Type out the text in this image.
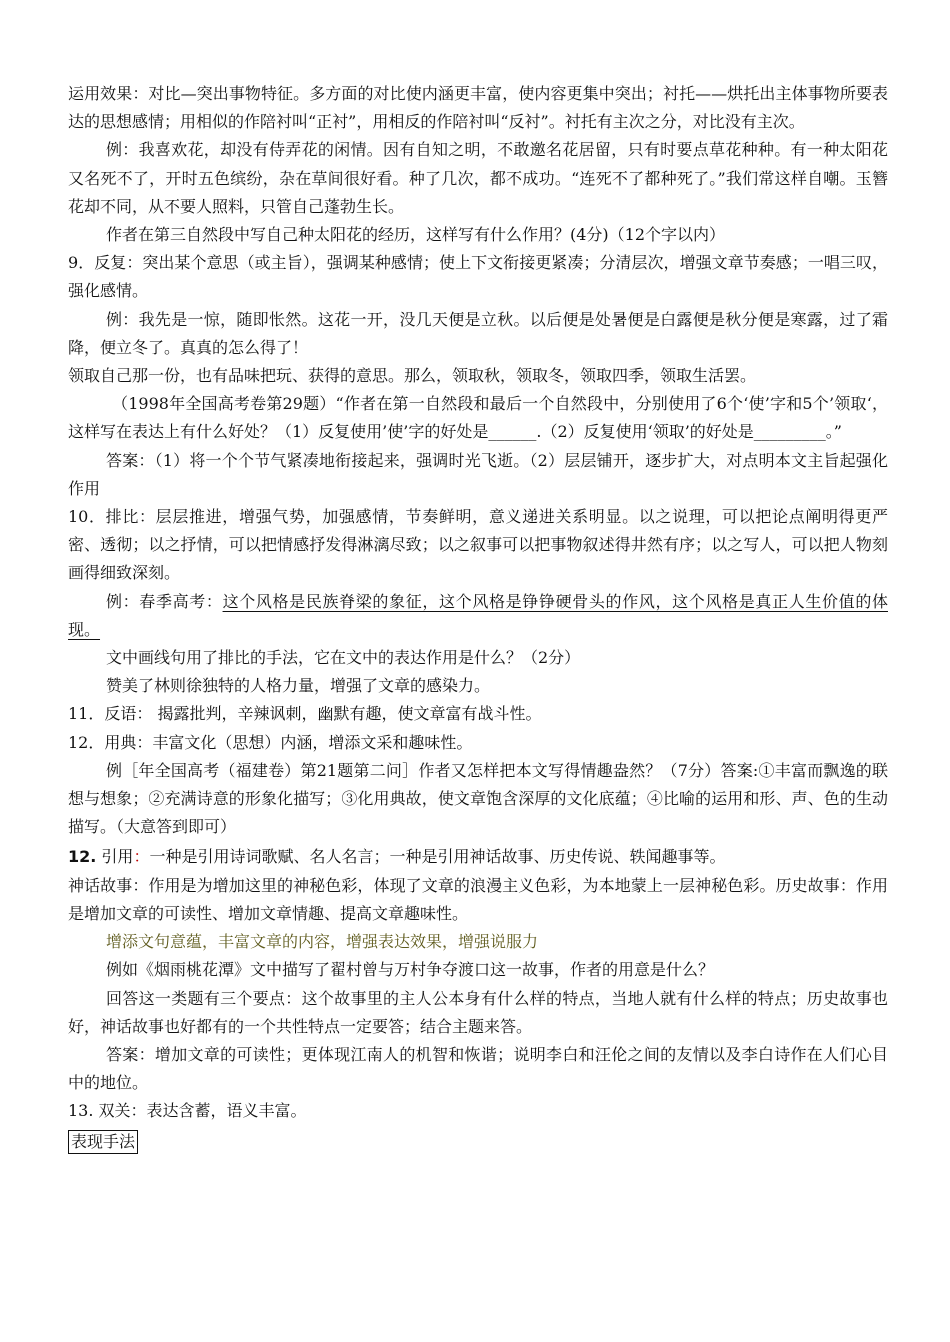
运用效果：对比—突出事物特征。多方面的对比使内涵更丰富，使内容更集中突出；衬托——烘托出主体事物所要表达的思想感情；用相似的作陪衬叫“正衬”，用相反的作陪衬叫“反衬”。衬托有主次之分，对比没有主次。

例：我喜欢花，却没有侍弄花的闲情。因有自知之明，不敢邀名花居留，只有时要点草花种种。有一种太阳花又名死不了，开时五色缤纷，杂在草间很好看。种了几次，都不成功。“连死不了都种死了。”我们常这样自嘲。玉簪花却不同，从不要人照料，只管自己蓬勃生长。

作者在第三自然段中写自己种太阳花的经历，这样写有什么作用？(4分)（12个字以内）

9．反复：突出某个意思（或主旨），强调某种感情；使上下文衔接更紧凑；分清层次，增强文章节奏感；一唱三叹，强化感情。

例：我先是一惊，随即怅然。这花一开，没几天便是立秋。以后便是处暑便是白露便是秋分便是寒露，过了霜降，便立冬了。真真的怎么得了！

领取自己那一份，也有品味把玩、获得的意思。那么，领取秋，领取冬，领取四季，领取生活罢。

（1998年全国高考卷第29题）“作者在第一自然段和最后一个自然段中，分别使用了6个‘使’字和5个’领取‘，这样写在表达上有什么好处？（1）反复使用’使’字的好处是______.（2）反复使用‘领取’的好处是_________。”

答案：（1）将一个个节气紧凑地衔接起来，强调时光飞逝。（2）层层铺开，逐步扩大，对点明本文主旨起强化作用

10．排比：层层推进，增强气势，加强感情，节奏鲜明，意义递进关系明显。以之说理，可以把论点阐明得更严密、透彻；以之抒情，可以把情感抒发得淋漓尽致；以之叙事可以把事物叙述得井然有序；以之写人，可以把人物刻画得细致深刻。

例：春季高考：这个风格是民族脊梁的象征，这个风格是铮铮硬骨头的作风，这个风格是真正人生价值的体现。

文中画线句用了排比的手法，它在文中的表达作用是什么？（2分）

赞美了林则徐独特的人格力量，增强了文章的感染力。

11．反语： 揭露批判，辛辣讽刺，幽默有趣，使文章富有战斗性。

12．用典：丰富文化（思想）内涵，增添文采和趣味性。

例［年全国高考（福建卷）第21题第二问］作者又怎样把本文写得情趣盎然？（7分）答案:①丰富而飘逸的联想与想象；②充满诗意的形象化描写；③化用典故，使文章饱含深厚的文化底蕴；④比喻的运用和形、声、色的生动描写。（大意答到即可）

12. 引用：一种是引用诗词歌赋、名人名言；一种是引用神话故事、历史传说、轶闻趣事等。

神话故事：作用是为增加这里的神秘色彩，体现了文章的浪漫主义色彩，为本地蒙上一层神秘色彩。历史故事：作用是增加文章的可读性、增加文章情趣、提高文章趣味性。

增添文句意蕴，丰富文章的内容，增强表达效果，增强说服力

例如《烟雨桃花潭》文中描写了翟村曾与万村争夺渡口这一故事，作者的用意是什么？

回答这一类题有三个要点：这个故事里的主人公本身有什么样的特点，当地人就有什么样的特点；历史故事也好，神话故事也好都有的一个共性特点一定要答；结合主题来答。

答案：增加文章的可读性；更体现江南人的机智和恢谐；说明李白和汪伦之间的友情以及李白诗作在人们心目中的地位。

13. 双关：表达含蓄，语义丰富。

表现手法
